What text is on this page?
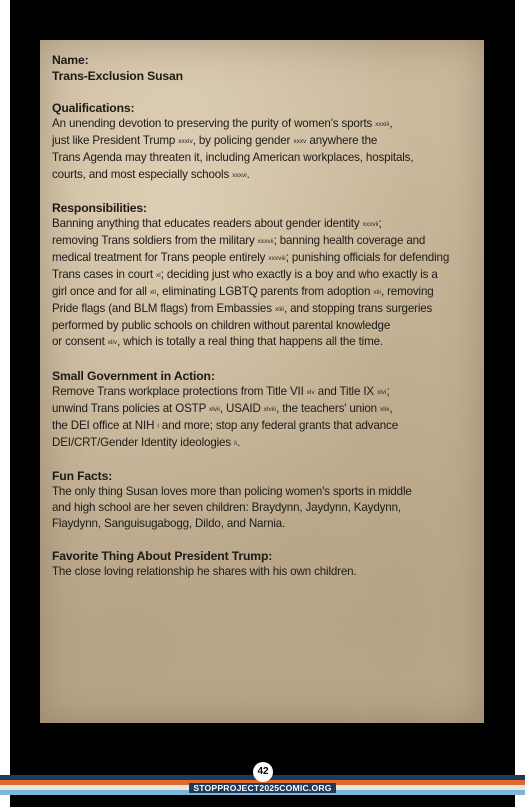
Name:
Trans-Exclusion Susan
Qualifications:
An unending devotion to preserving the purity of women's sports xxxiii,
just like President Trump xxxiv, by policing gender xxxv anywhere the
Trans Agenda may threaten it, including American workplaces, hospitals,
courts, and most especially schools xxxvi.
Responsibilities:
Banning anything that educates readers about gender identity xxxvii;
removing Trans soldiers from the military xxxvii; banning health coverage and
medical treatment for Trans people entirely xxxviii; punishing officials for defending
Trans cases in court xl; deciding just who exactly is a boy and who exactly is a
girl once and for all xli, eliminating LGBTQ parents from adoption xlii, removing
Pride flags (and BLM flags) from Embassies xliii, and stopping trans surgeries
performed by public schools on children without parental knowledge
or consent xliv, which is totally a real thing that happens all the time.
Small Government in Action:
Remove Trans workplace protections from Title VII xlv and Title IX xlvi;
unwind Trans policies at OSTP xlvii, USAID xlviii, the teachers' union xlix,
the DEI office at NIH l and more; stop any federal grants that advance
DEI/CRT/Gender Identity ideologies li.
Fun Facts:
The only thing Susan loves more than policing women's sports in middle
and high school are her seven children: Braydynn, Jaydynn, Kaydynn,
Flaydynn, Sanguisugabogg, Dildo, and Narnia.
Favorite Thing About President Trump:
The close loving relationship he shares with his own children.
42
STOPPROJECT2025COMIC.ORG
